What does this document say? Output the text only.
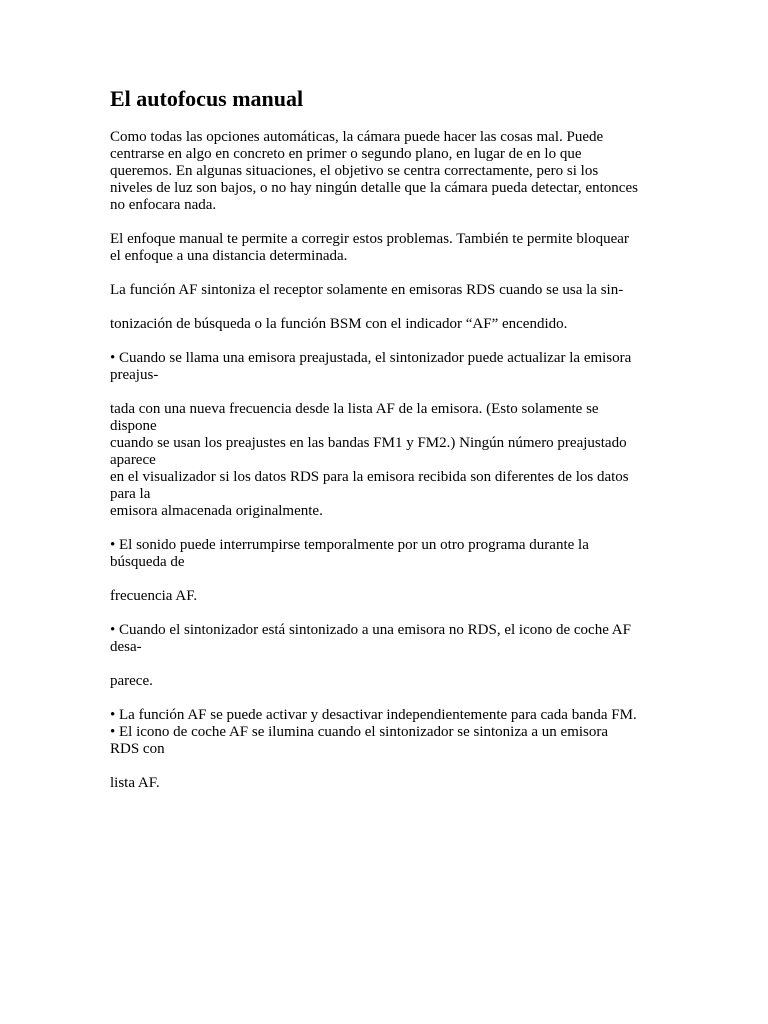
El autofocus manual

Como todas las opciones automáticas, la cámara puede hacer las cosas mal. Puede
centrarse en algo en concreto en primer o segundo plano, en lugar de en lo que
queremos. En algunas situaciones, el objetivo se centra correctamente, pero si los
niveles de luz son bajos, o no hay ningún detalle que la cámara pueda detectar, entonces
no enfocara nada.

El enfoque manual te permite a corregir estos problemas. También te permite bloquear
el enfoque a una distancia determinada.

La función AF sintoniza el receptor solamente en emisoras RDS cuando se usa la sin-

tonización de búsqueda o la función BSM con el indicador “AF” encendido.

• Cuando se llama una emisora preajustada, el sintonizador puede actualizar la emisora
preajus-

tada con una nueva frecuencia desde la lista AF de la emisora. (Esto solamente se
dispone
cuando se usan los preajustes en las bandas FM1 y FM2.) Ningún número preajustado
aparece
en el visualizador si los datos RDS para la emisora recibida son diferentes de los datos
para la
emisora almacenada originalmente.

• El sonido puede interrumpirse temporalmente por un otro programa durante la
búsqueda de

frecuencia AF.

• Cuando el sintonizador está sintonizado a una emisora no RDS, el icono de coche AF
desa-

parece.

• La función AF se puede activar y desactivar independientemente para cada banda FM.
• El icono de coche AF se ilumina cuando el sintonizador se sintoniza a un emisora
RDS con

lista AF.
